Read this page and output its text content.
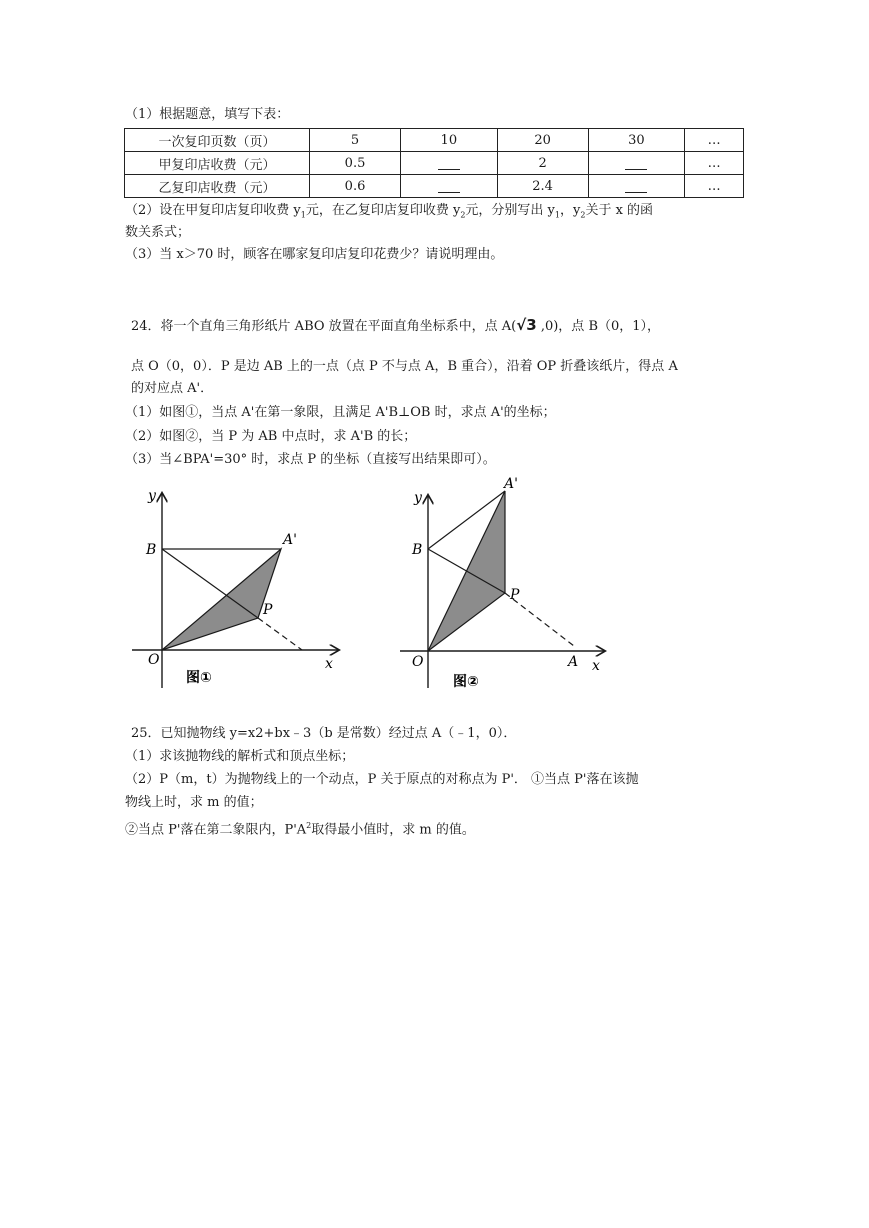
（1）根据题意，填写下表：
一次复印页数（页）	5	10	20	30	…
甲复印店收费（元）	0.5		2		…
乙复印店收费（元）	0.6		2.4		…
（2）设在甲复印店复印收费 $y_1$元，在乙复印店复印收费 $y_2$元，分别写出 $y_1$，$y_2$关于 x 的函
数关系式；
（3）当 x＞70 时，顾客在哪家复印店复印花费少？请说明理由。
24．将一个直角三角形纸片 ABO 放置在平面直角坐标系中，点 A(√3 ,0)，点 B（0，1），
点 O（0，0）．P 是边 AB 上的一点（点 P 不与点 A，B 重合），沿着 OP 折叠该纸片，得点 A
的对应点 A'．
（1）如图①，当点 A'在第一象限，且满足 A'B⊥OB 时，求点 A'的坐标；
（2）如图②，当 P 为 AB 中点时，求 A'B 的长；
（3）当∠BPA'=30° 时，求点 P 的坐标（直接写出结果即可）。
y
B
A'
P
O	x
图①
y
B
A'
P
O	A x
图②
25．已知抛物线 y=x2+bx﹣3（b 是常数）经过点 A（﹣1，0）．
（1）求该抛物线的解析式和顶点坐标；
（2）P（m，t）为抛物线上的一个动点，P 关于原点的对称点为 P'． ①当点 P'落在该抛
物线上时，求 m 的值；
②当点 P'落在第二象限内，$P'A^2$取得最小值时，求 m 的值。
